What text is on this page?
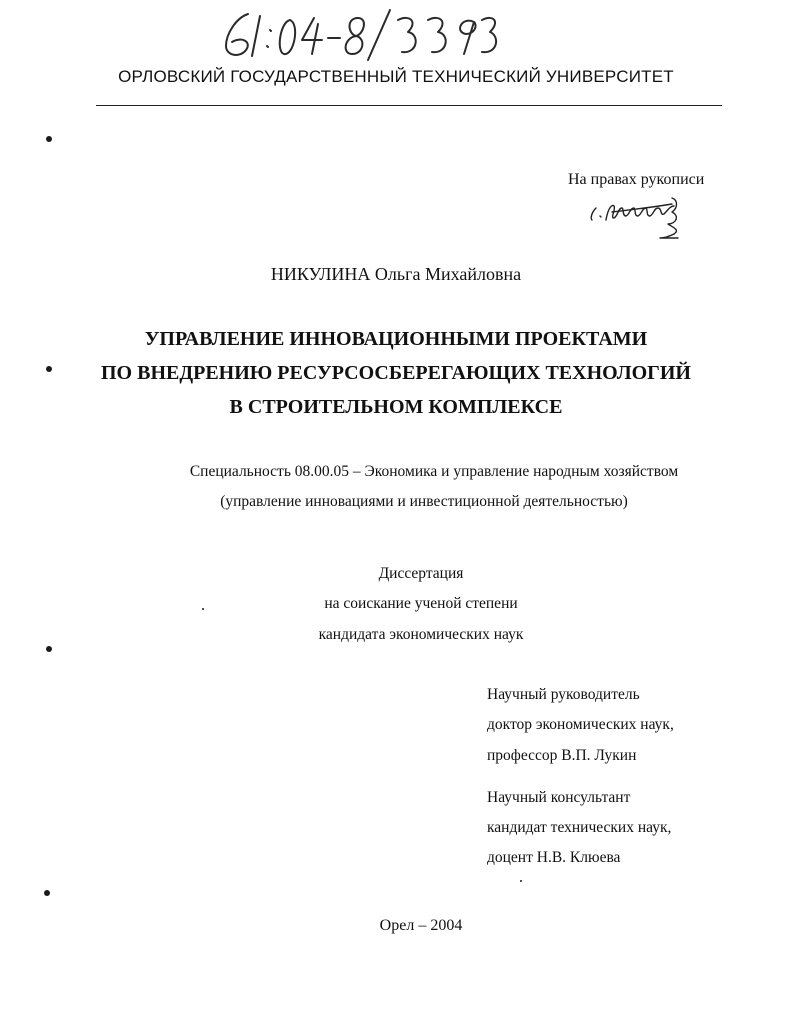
ОРЛОВСКИЙ ГОСУДАРСТВЕННЫЙ ТЕХНИЧЕСКИЙ УНИВЕРСИТЕТ
На правах рукописи
НИКУЛИНА Ольга Михайловна
УПРАВЛЕНИЕ ИННОВАЦИОННЫМИ ПРОЕКТАМИ
ПО ВНЕДРЕНИЮ РЕСУРСОСБЕРЕГАЮЩИХ ТЕХНОЛОГИЙ
В СТРОИТЕЛЬНОМ КОМПЛЕКСЕ
Специальность 08.00.05 – Экономика и управление народным хозяйством
(управление инновациями и инвестиционной деятельностью)
Диссертация
на соискание ученой степени
кандидата экономических наук
Научный руководитель
доктор экономических наук,
профессор В.П. Лукин
Научный консультант
кандидат технических наук,
доцент Н.В. Клюева
Орел – 2004
